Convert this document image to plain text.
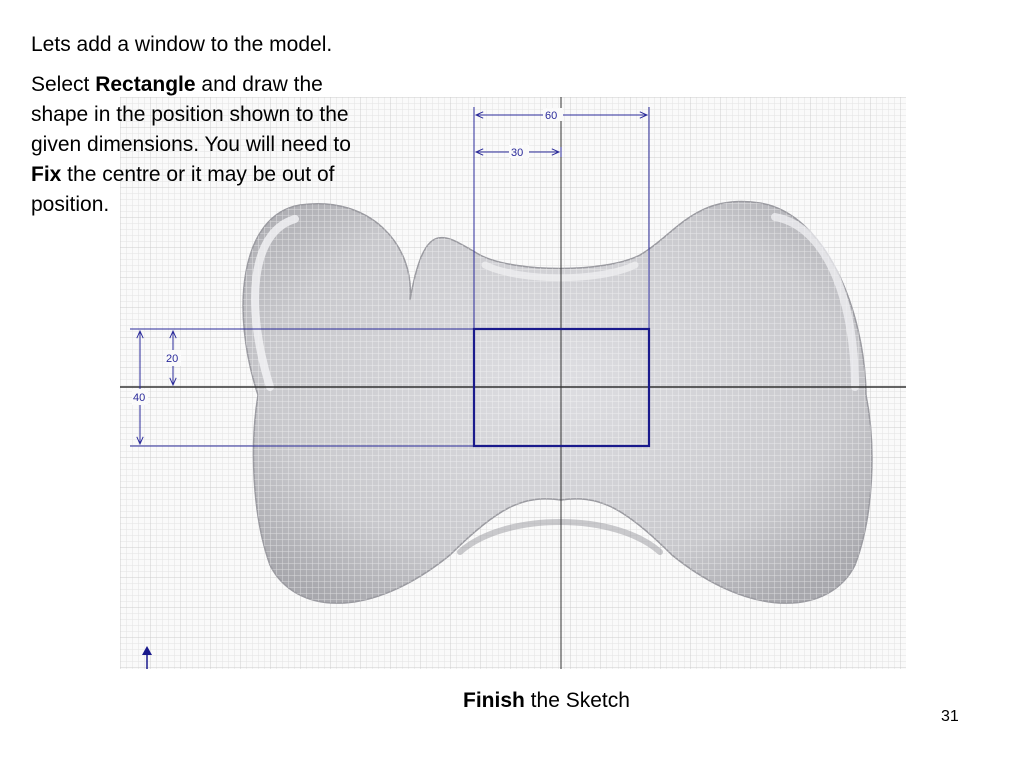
60
30
20
40

Lets add a window to the model.

Select Rectangle and draw the shape in the position shown to the given dimensions. You will need to Fix the centre or it may be out of position.

Finish the Sketch
31
